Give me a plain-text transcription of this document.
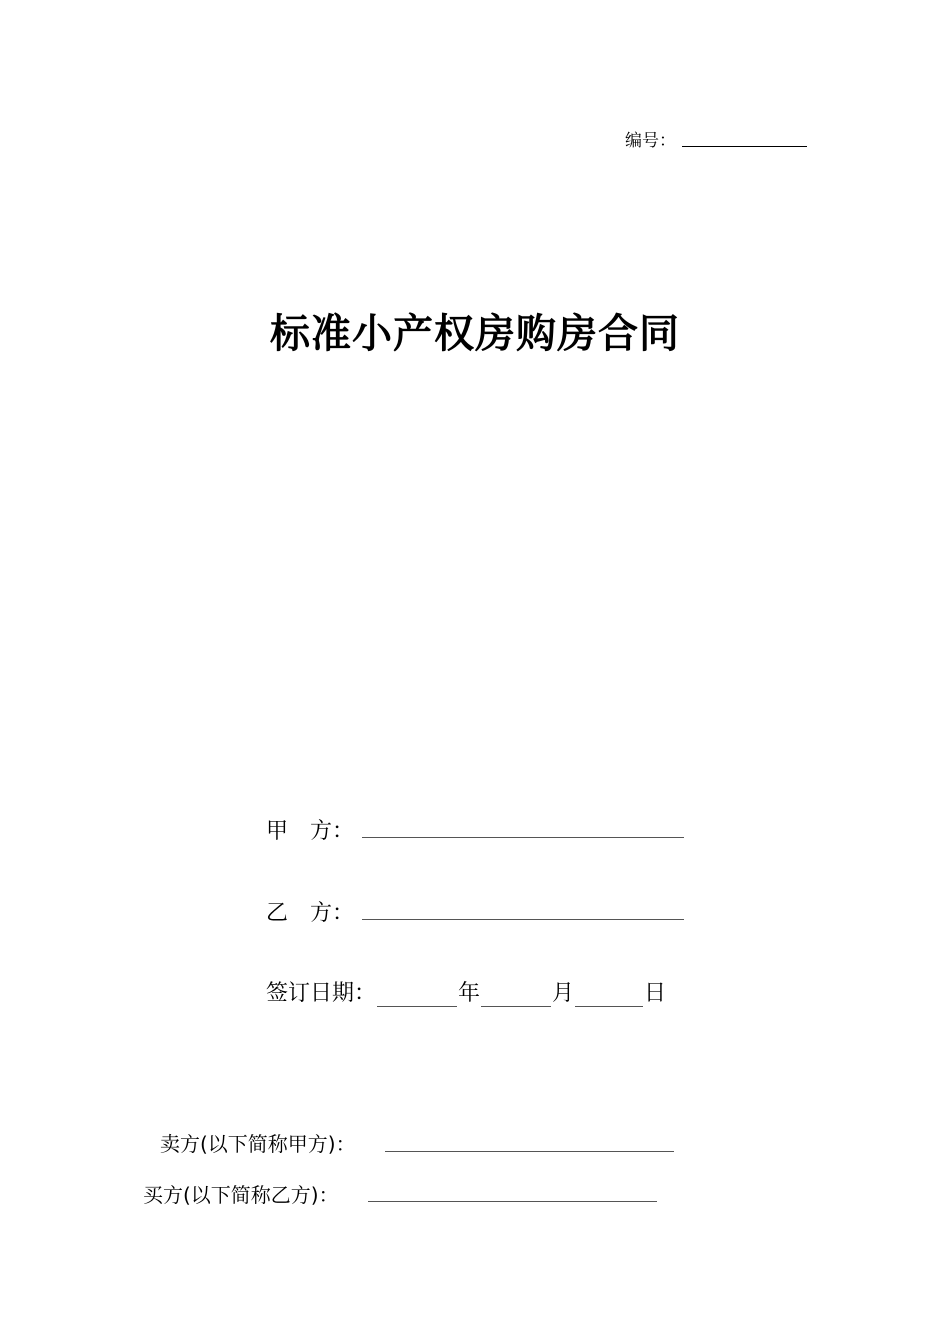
编号：
标准小产权房购房合同
甲　方：
乙　方：
签订日期：	年	月	日
卖方(以下简称甲方)：
买方(以下简称乙方)：
